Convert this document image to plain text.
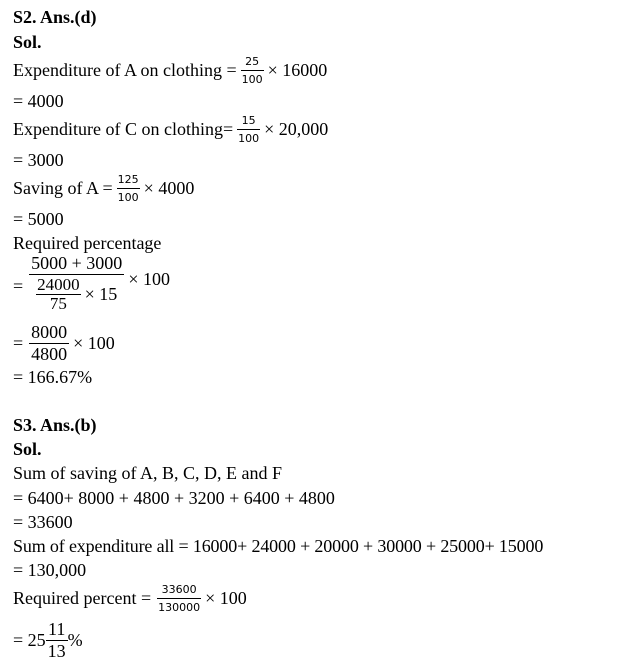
S2. Ans.(d)
Sol.
Expenditure of A on clothing = $\frac{25}{100} \times 16000$
= 4000
Expenditure of C on clothing= $\frac{15}{100} \times 20,000$
= 3000
Saving of $A = \frac{125}{100} \times 4000$
= 5000
Required percentage
= $\frac{5000 + 3000}{\frac{24000}{75} \times 15} \times 100$
= $\frac{8000}{4800} \times 100$
= 166.67%
S3. Ans.(b)
Sol.
Sum of saving of A, B, C, D, E and F
= 6400+ 8000 + 4800 + 3200 + 6400 + 4800
= 33600
Sum of expenditure all = 16000+ 24000 + 20000 + 30000 + 25000+ 15000
= 130,000
Required percent = $\frac{33600}{130000} \times 100$
= $25 \frac{11}{13}$ %
